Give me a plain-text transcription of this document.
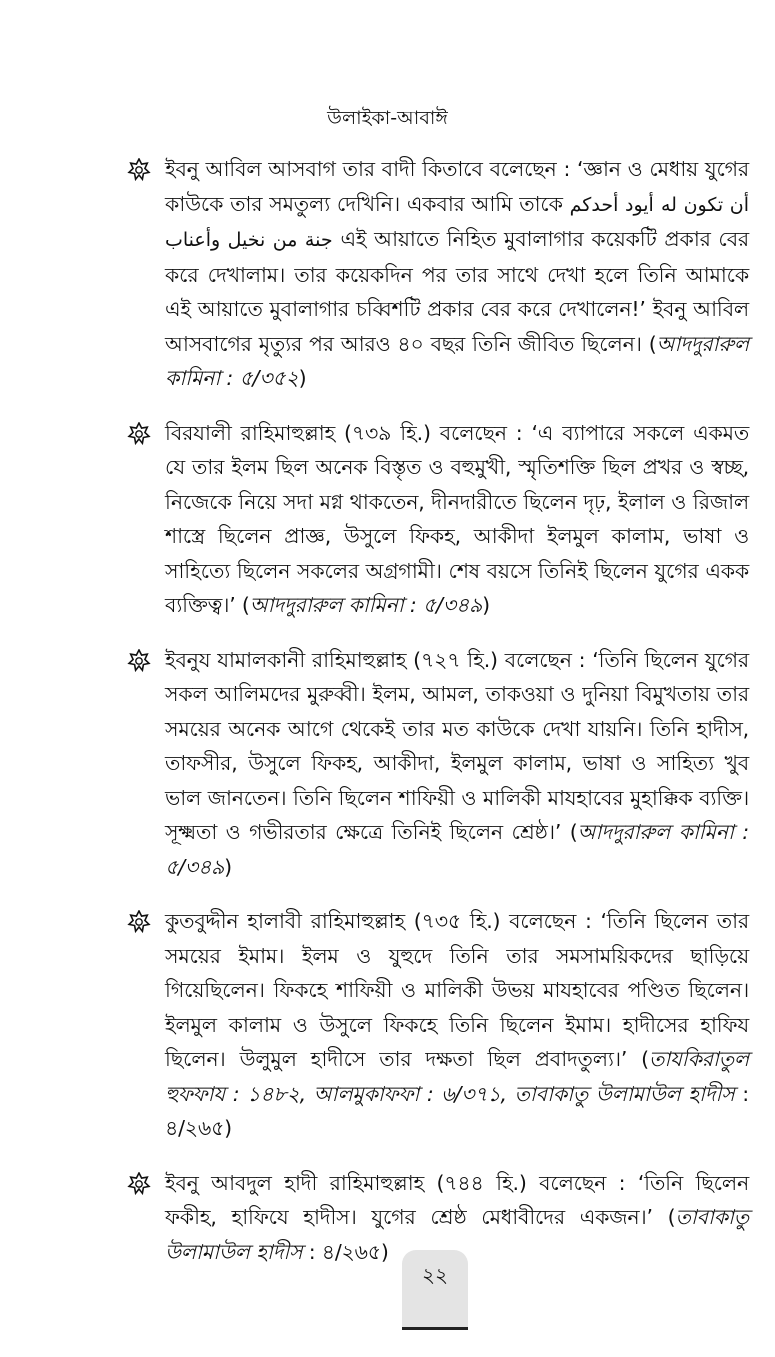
উলাইকা-আবাঈ

ইবনু আবিল আসবাগ তার বাদী কিতাবে বলেছেন : ‘জ্ঞান ও মেধায় যুগের কাউকে তার সমতুল্য দেখিনি। একবার আমি তাকে أيود أحدكم أن تكون له جنة من نخيل وأعناب এই আয়াতে নিহিত মুবালাগার কয়েকটি প্রকার বের করে দেখালাম। তার কয়েকদিন পর তার সাথে দেখা হলে তিনি আমাকে এই আয়াতে মুবালাগার চব্বিশটি প্রকার বের করে দেখালেন!’ ইবনু আবিল আসবাগের মৃত্যুর পর আরও ৪০ বছর তিনি জীবিত ছিলেন। (আদদুরারুল কামিনা : ৫/৩৫২)

বিরযালী রাহিমাহুল্লাহ (৭৩৯ হি.) বলেছেন : ‘এ ব্যাপারে সকলে একমত যে তার ইলম ছিল অনেক বিস্তৃত ও বহুমুখী, স্মৃতিশক্তি ছিল প্রখর ও স্বচ্ছ, নিজেকে নিয়ে সদা মগ্ন থাকতেন, দীনদারীতে ছিলেন দৃঢ়, ইলাল ও রিজাল শাস্ত্রে ছিলেন প্রাজ্ঞ, উসুলে ফিকহ, আকীদা ইলমুল কালাম, ভাষা ও সাহিত্যে ছিলেন সকলের অগ্রগামী। শেষ বয়সে তিনিই ছিলেন যুগের একক ব্যক্তিত্ব।’ (আদদুরারুল কামিনা : ৫/৩৪৯)

ইবনুয যামালকানী রাহিমাহুল্লাহ (৭২৭ হি.) বলেছেন : ‘তিনি ছিলেন যুগের সকল আলিমদের মুরুব্বী। ইলম, আমল, তাকওয়া ও দুনিয়া বিমুখতায় তার সময়ের অনেক আগে থেকেই তার মত কাউকে দেখা যায়নি। তিনি হাদীস, তাফসীর, উসুলে ফিকহ, আকীদা, ইলমুল কালাম, ভাষা ও সাহিত্য খুব ভাল জানতেন। তিনি ছিলেন শাফিয়ী ও মালিকী মাযহাবের মুহাক্কিক ব্যক্তি। সূক্ষ্মতা ও গভীরতার ক্ষেত্রে তিনিই ছিলেন শ্রেষ্ঠ।’ (আদদুরারুল কামিনা : ৫/৩৪৯)

কুতবুদ্দীন হালাবী রাহিমাহুল্লাহ (৭৩৫ হি.) বলেছেন : ‘তিনি ছিলেন তার সময়ের ইমাম। ইলম ও যুহুদে তিনি তার সমসাময়িকদের ছাড়িয়ে গিয়েছিলেন। ফিকহে শাফিয়ী ও মালিকী উভয় মাযহাবের পণ্ডিত ছিলেন। ইলমুল কালাম ও উসুলে ফিকহে তিনি ছিলেন ইমাম। হাদীসের হাফিয ছিলেন। উলুমুল হাদীসে তার দক্ষতা ছিল প্রবাদতুল্য।’ (তাযকিরাতুল হুফফায : ১৪৮২, আলমুকাফফা : ৬/৩৭১, তাবাকাতু উলামাউল হাদীস : ৪/২৬৫)

ইবনু আবদুল হাদী রাহিমাহুল্লাহ (৭৪৪ হি.) বলেছেন : ‘তিনি ছিলেন ফকীহ, হাফিযে হাদীস। যুগের শ্রেষ্ঠ মেধাবীদের একজন।’ (তাবাকাতু উলামাউল হাদীস : ৪/২৬৫)

২২
